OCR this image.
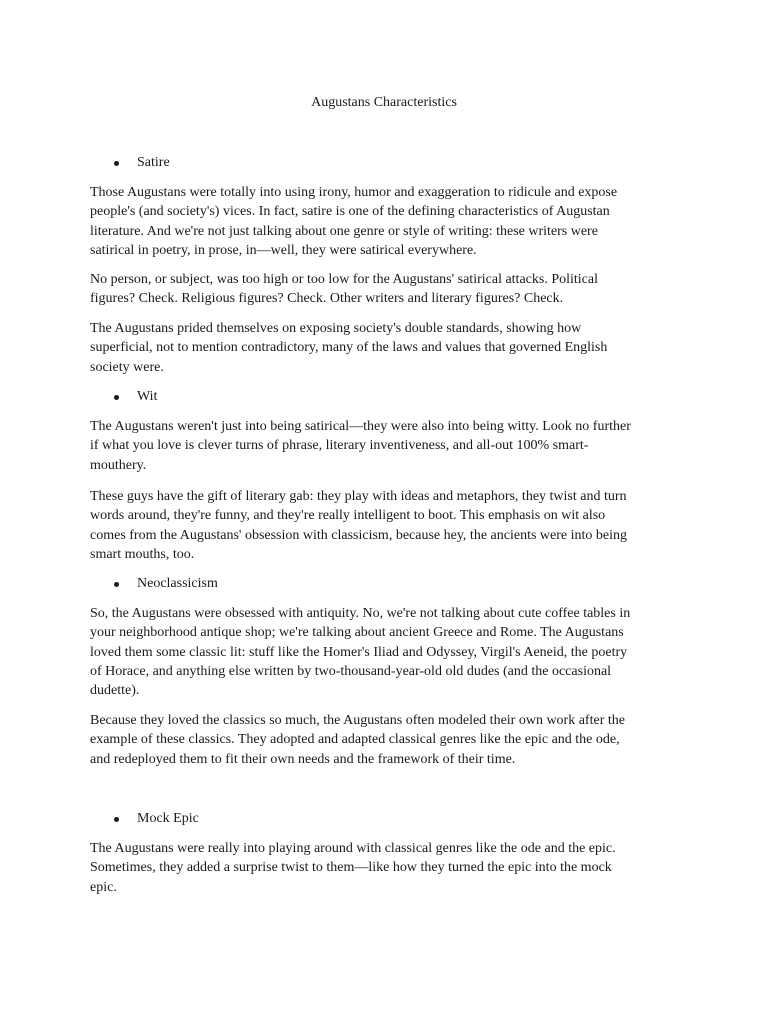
Augustans Characteristics
Satire

Those Augustans were totally into using irony, humor and exaggeration to ridicule and expose
people's (and society's) vices. In fact, satire is one of the defining characteristics of Augustan
literature. And we're not just talking about one genre or style of writing: these writers were
satirical in poetry, in prose, in—well, they were satirical everywhere.

No person, or subject, was too high or too low for the Augustans' satirical attacks. Political
figures? Check. Religious figures? Check. Other writers and literary figures? Check.

The Augustans prided themselves on exposing society's double standards, showing how
superficial, not to mention contradictory, many of the laws and values that governed English
society were.

Wit

The Augustans weren't just into being satirical—they were also into being witty. Look no further
if what you love is clever turns of phrase, literary inventiveness, and all-out 100% smart-
mouthery.

These guys have the gift of literary gab: they play with ideas and metaphors, they twist and turn
words around, they're funny, and they're really intelligent to boot. This emphasis on wit also
comes from the Augustans' obsession with classicism, because hey, the ancients were into being
smart mouths, too.

Neoclassicism

So, the Augustans were obsessed with antiquity. No, we're not talking about cute coffee tables in
your neighborhood antique shop; we're talking about ancient Greece and Rome. The Augustans
loved them some classic lit: stuff like the Homer's Iliad and Odyssey, Virgil's Aeneid, the poetry
of Horace, and anything else written by two-thousand-year-old old dudes (and the occasional
dudette).

Because they loved the classics so much, the Augustans often modeled their own work after the
example of these classics. They adopted and adapted classical genres like the epic and the ode,
and redeployed them to fit their own needs and the framework of their time.

Mock Epic

The Augustans were really into playing around with classical genres like the ode and the epic.
Sometimes, they added a surprise twist to them—like how they turned the epic into the mock
epic.
